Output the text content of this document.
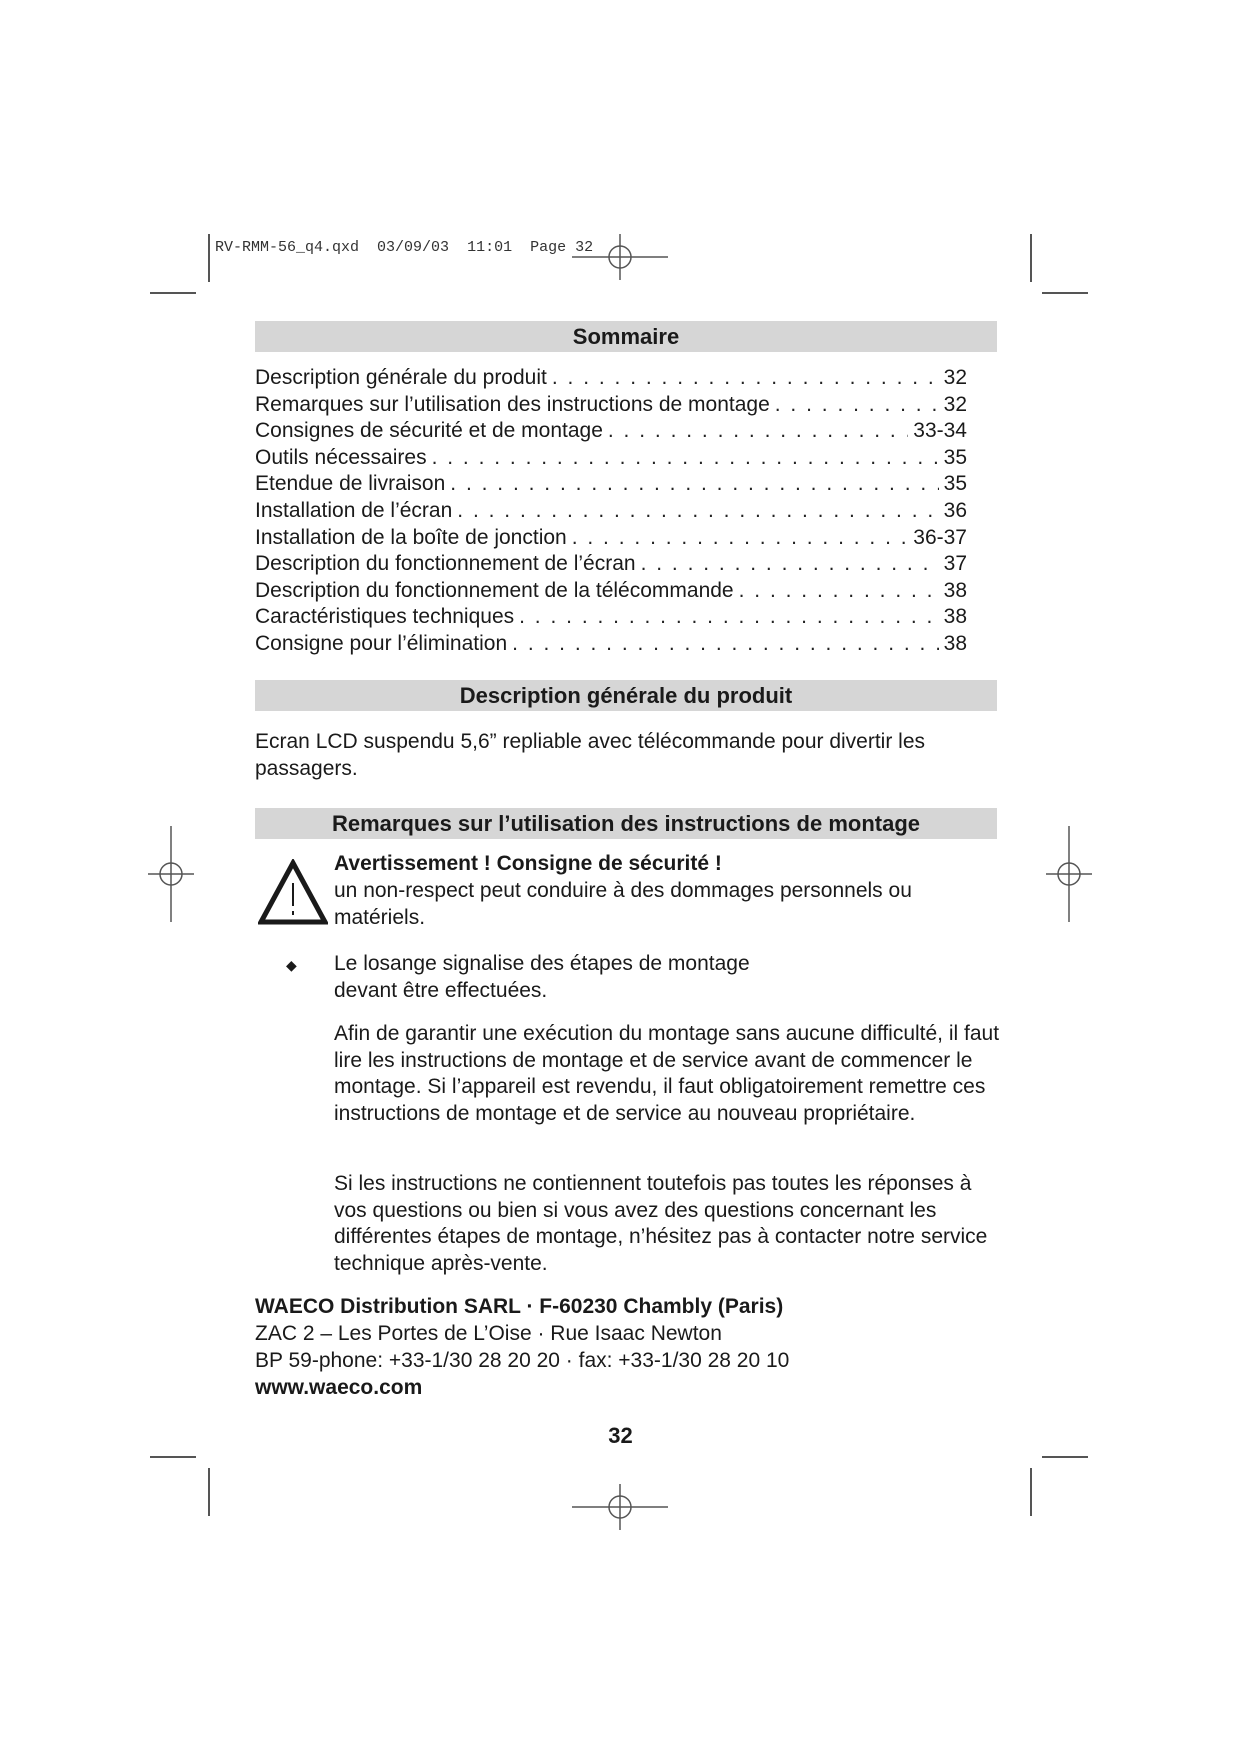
RV-RMM-56_q4.qxd 03/09/03 11:01 Page 32
Sommaire
Description générale du produit . . .	32
Remarques sur l’utilisation des instructions de montage . . .	32
Consignes de sécurité et de montage . . .	33-34
Outils nécessaires . . .	35
Etendue de livraison . . .	35
Installation de l’écran . . .	36
Installation de la boîte de jonction . . .	36-37
Description du fonctionnement de l’écran . . .	37
Description du fonctionnement de la télécommande . . .	38
Caractéristiques techniques . . .	38
Consigne pour l’élimination . . .	38
Description générale du produit
Ecran LCD suspendu 5,6” repliable avec télécommande pour divertir les passagers.
Remarques sur l’utilisation des instructions de montage
Avertissement ! Consigne de sécurité !
un non-respect peut conduire à des dommages personnels ou matériels.
◆ Le losange signalise des étapes de montage devant être effectuées.
Afin de garantir une exécution du montage sans aucune difficulté, il faut lire les instructions de montage et de service avant de commencer le montage. Si l’appareil est revendu, il faut obligatoirement remettre ces instructions de montage et de service au nouveau propriétaire.
Si les instructions ne contiennent toutefois pas toutes les réponses à vos questions ou bien si vous avez des questions concernant les différentes étapes de montage, n’hésitez pas à contacter notre service technique après-vente.
WAECO Distribution SARL · F-60230 Chambly (Paris)
ZAC 2 – Les Portes de L’Oise · Rue Isaac Newton
BP 59-phone: +33-1/30 28 20 20 · fax: +33-1/30 28 20 10
www.waeco.com
32
